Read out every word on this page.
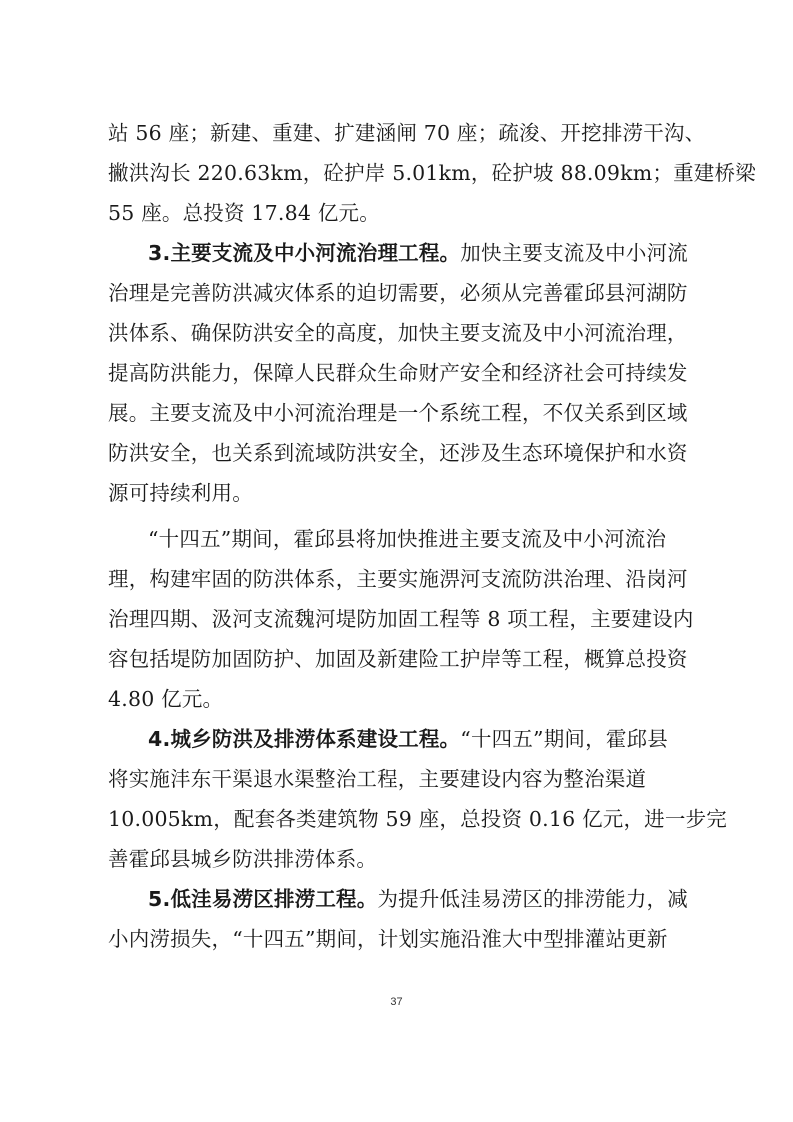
站 56 座；新建、重建、扩建涵闸 70 座；疏浚、开挖排涝干沟、
撇洪沟长 220.63km，砼护岸 5.01km，砼护坡 88.09km；重建桥梁
55 座。总投资 17.84 亿元。
3.主要支流及中小河流治理工程。加快主要支流及中小河流
治理是完善防洪减灾体系的迫切需要，必须从完善霍邱县河湖防
洪体系、确保防洪安全的高度，加快主要支流及中小河流治理，
提高防洪能力，保障人民群众生命财产安全和经济社会可持续发
展。主要支流及中小河流治理是一个系统工程，不仅关系到区域
防洪安全，也关系到流域防洪安全，还涉及生态环境保护和水资
源可持续利用。
“十四五”期间，霍邱县将加快推进主要支流及中小河流治
理，构建牢固的防洪体系，主要实施淠河支流防洪治理、沿岗河
治理四期、汲河支流魏河堤防加固工程等 8 项工程，主要建设内
容包括堤防加固防护、加固及新建险工护岸等工程，概算总投资
4.80 亿元。
4.城乡防洪及排涝体系建设工程。“十四五”期间，霍邱县
将实施沣东干渠退水渠整治工程，主要建设内容为整治渠道
10.005km，配套各类建筑物 59 座，总投资 0.16 亿元，进一步完
善霍邱县城乡防洪排涝体系。
5.低洼易涝区排涝工程。为提升低洼易涝区的排涝能力，减
小内涝损失，“十四五”期间，计划实施沿淮大中型排灌站更新
37
